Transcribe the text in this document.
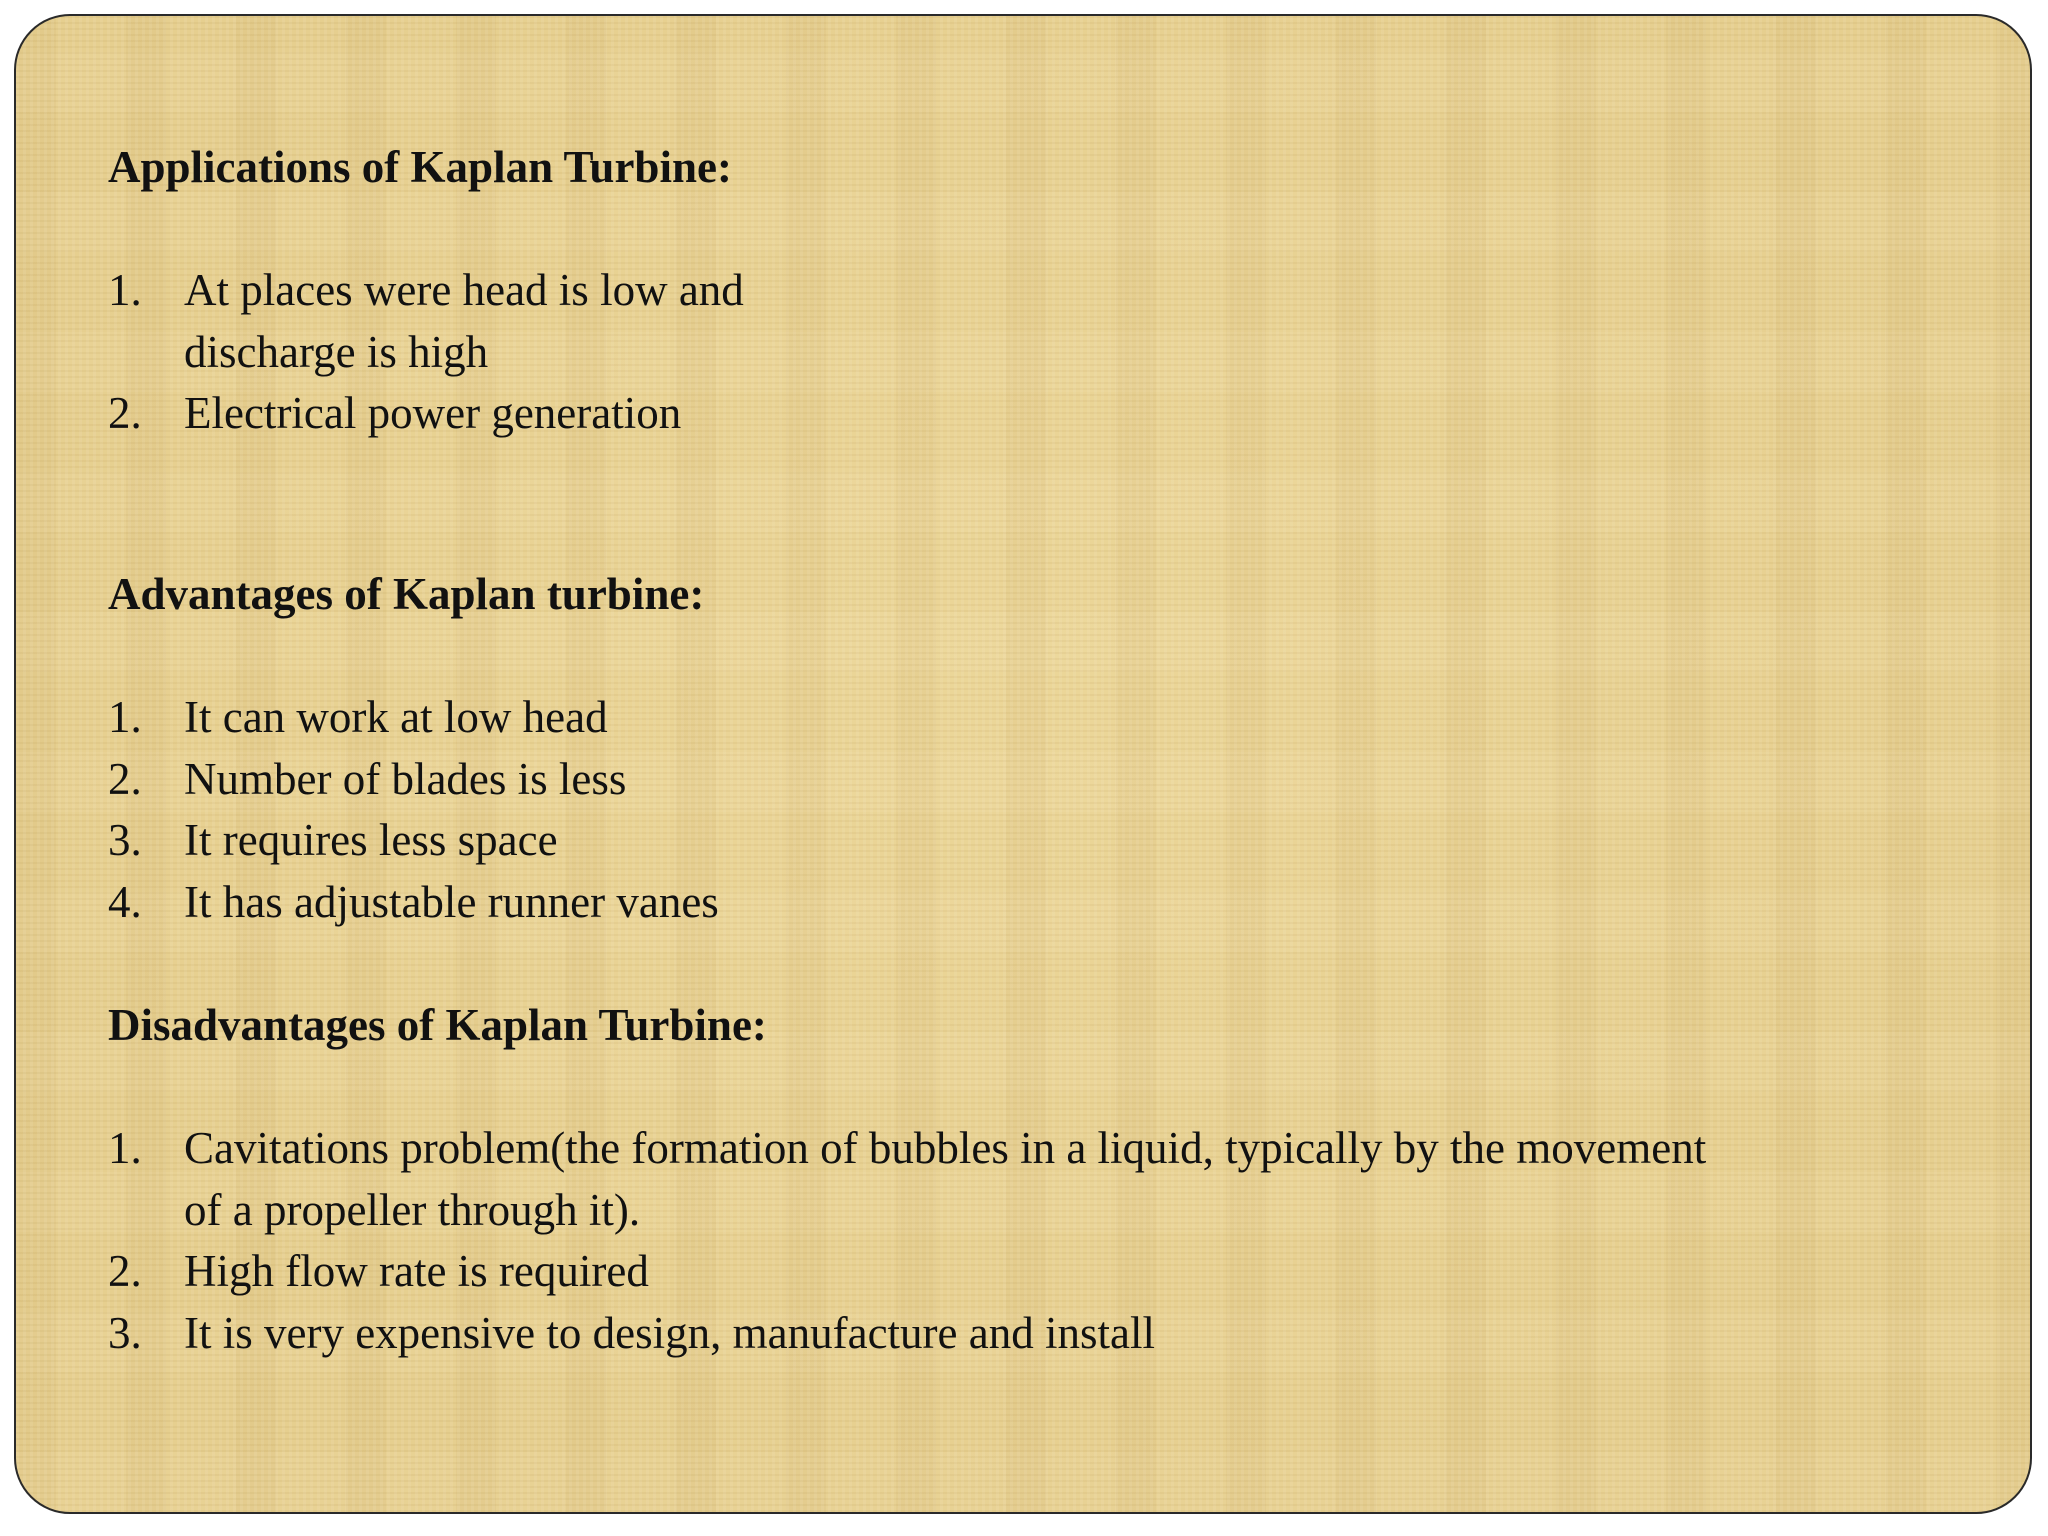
Applications of Kaplan Turbine:

1. At places were head is low and
discharge is high
2. Electrical power generation

Advantages of Kaplan turbine:

1. It can work at low head
2. Number of blades is less
3. It requires less space
4. It has adjustable runner vanes

Disadvantages of Kaplan Turbine:

1. Cavitations problem(the formation of bubbles in a liquid, typically by the movement
of a propeller through it).
2. High flow rate is required
3. It is very expensive to design, manufacture and install
